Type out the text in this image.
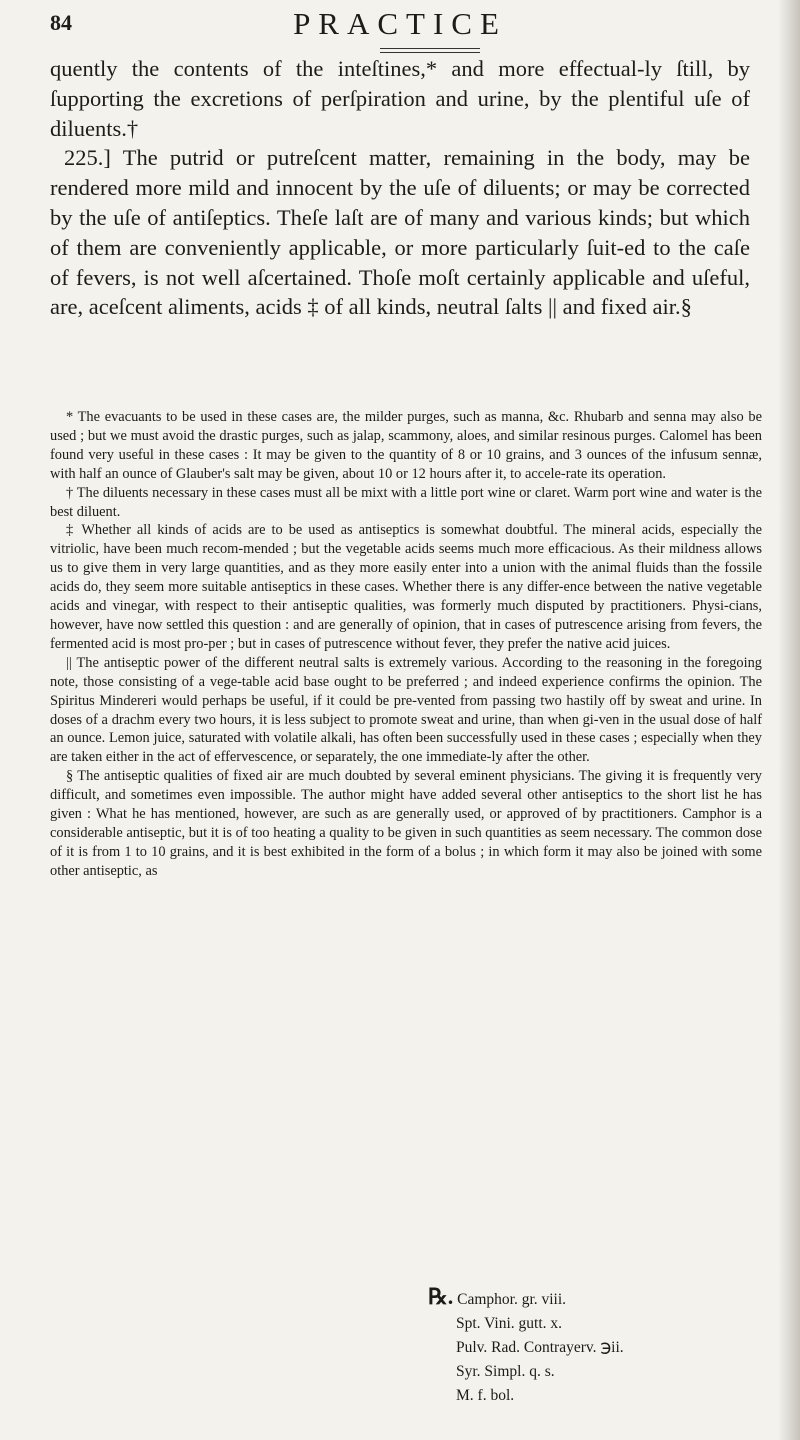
84	PRACTICE

quently the contents of the inteſtines,* and more effectual-ly ſtill, by ſupporting the excretions of perſpiration and urine, by the plentiful uſe of diluents.†

225.] The putrid or putreſcent matter, remaining in the body, may be rendered more mild and innocent by the uſe of diluents; or may be corrected by the uſe of antiſeptics. Theſe laſt are of many and various kinds; but which of them are conveniently applicable, or more particularly ſuit-ed to the caſe of fevers, is not well aſcertained. Thoſe moſt certainly applicable and uſeful, are, aceſcent aliments, acids ‡ of all kinds, neutral ſalts || and fixed air.§

* The evacuants to be used in these cases are, the milder purges, such as manna, &c. Rhubarb and senna may also be used ; but we must avoid the drastic purges, such as jalap, scammony, aloes, and similar resinous purges. Calomel has been found very useful in these cases : It may be given to the quantity of 8 or 10 grains, and 3 ounces of the infusum sennæ, with half an ounce of Glauber's salt may be given, about 10 or 12 hours after it, to accele-rate its operation.

† The diluents necessary in these cases must all be mixt with a little port wine or claret. Warm port wine and water is the best diluent.

‡ Whether all kinds of acids are to be used as antiseptics is somewhat doubtful. The mineral acids, especially the vitriolic, have been much recom-mended ; but the vegetable acids seems much more efficacious. As their mildness allows us to give them in very large quantities, and as they more easily enter into a union with the animal fluids than the fossile acids do, they seem more suitable antiseptics in these cases. Whether there is any differ-ence between the native vegetable acids and vinegar, with respect to their antiseptic qualities, was formerly much disputed by practitioners. Physi-cians, however, have now settled this question : and are generally of opinion, that in cases of putrescence arising from fevers, the fermented acid is most pro-per ; but in cases of putrescence without fever, they prefer the native acid juices.

|| The antiseptic power of the different neutral salts is extremely various. According to the reasoning in the foregoing note, those consisting of a vege-table acid base ought to be preferred ; and indeed experience confirms the opinion. The Spiritus Mindereri would perhaps be useful, if it could be pre-vented from passing two hastily off by sweat and urine. In doses of a drachm every two hours, it is less subject to promote sweat and urine, than when gi-ven in the usual dose of half an ounce. Lemon juice, saturated with volatile alkali, has often been successfully used in these cases ; especially when they are taken either in the act of effervescence, or separately, the one immediate-ly after the other.

§ The antiseptic qualities of fixed air are much doubted by several eminent physicians. The giving it is frequently very difficult, and sometimes even impossible. The author might have added several other antiseptics to the short list he has given : What he has mentioned, however, are such as are generally used, or approved of by practitioners. Camphor is a considerable antiseptic, but it is of too heating a quality to be given in such quantities as seem necessary. The common dose of it is from 1 to 10 grains, and it is best exhibited in the form of a bolus ; in which form it may also be joined with some other antiseptic, as

℞. Camphor. gr. viii.
Spt. Vini. gutt. x.
Pulv. Rad. Contrayerv. ℈ii.
Syr. Simpl. q. s.
M. f. bol.
